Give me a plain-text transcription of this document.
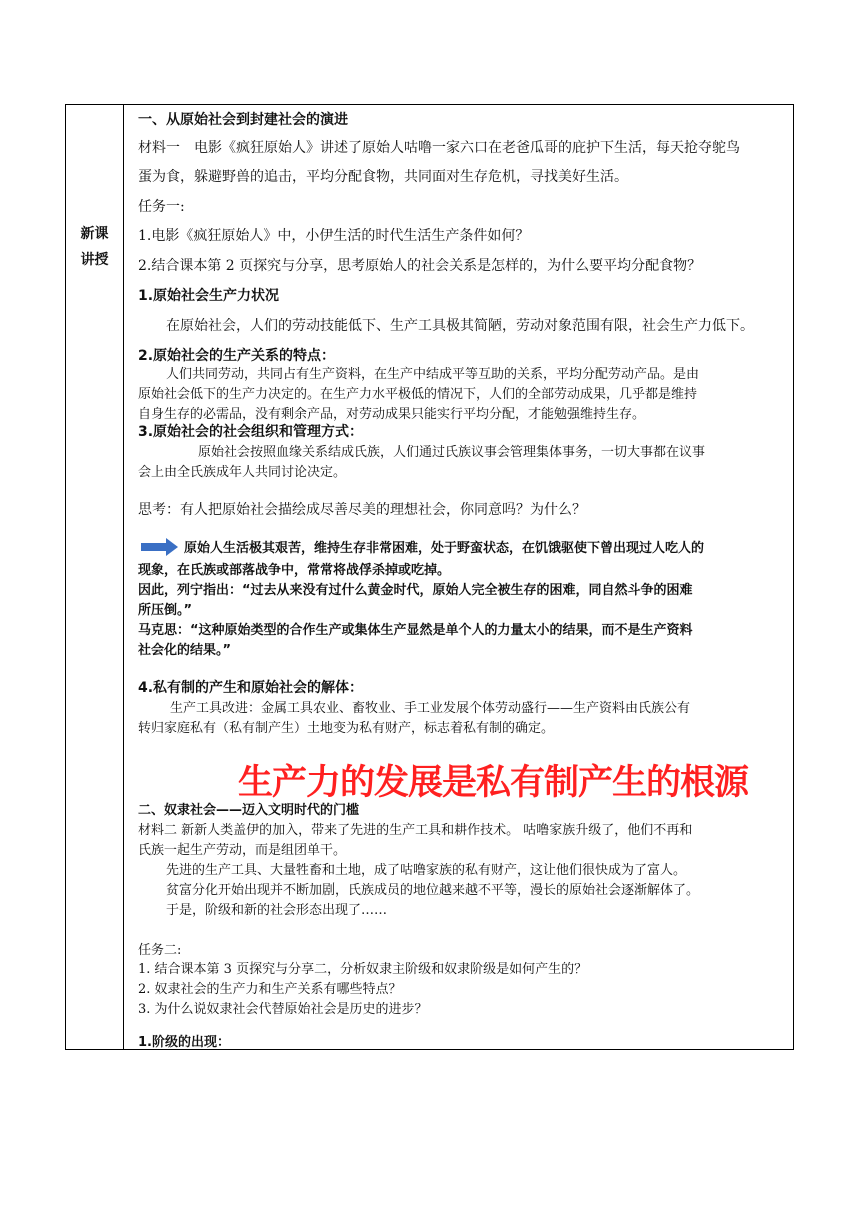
新课
讲授
一、从原始社会到封建社会的演进
材料一　电影《疯狂原始人》讲述了原始人咕噜一家六口在老爸瓜哥的庇护下生活，每天抢夺鸵鸟
蛋为食，躲避野兽的追击，平均分配食物，共同面对生存危机，寻找美好生活。
任务一:
1.电影《疯狂原始人》中，小伊生活的时代生活生产条件如何？
2.结合课本第 2 页探究与分享，思考原始人的社会关系是怎样的，为什么要平均分配食物？
1.原始社会生产力状况
在原始社会，人们的劳动技能低下、生产工具极其简陋，劳动对象范围有限，社会生产力低下。
2.原始社会的生产关系的特点：
人们共同劳动，共同占有生产资料，在生产中结成平等互助的关系，平均分配劳动产品。是由
原始社会低下的生产力决定的。在生产力水平极低的情况下，人们的全部劳动成果，几乎都是维持
自身生存的必需品，没有剩余产品，对劳动成果只能实行平均分配，才能勉强维持生存。
3.原始社会的社会组织和管理方式：
原始社会按照血缘关系结成氏族，人们通过氏族议事会管理集体事务，一切大事都在议事
会上由全氏族成年人共同讨论决定。
思考：有人把原始社会描绘成尽善尽美的理想社会，你同意吗？为什么？
原始人生活极其艰苦，维持生存非常困难，处于野蛮状态，在饥饿驱使下曾出现过人吃人的
现象，在氏族或部落战争中，常常将战俘杀掉或吃掉。
因此，列宁指出：“过去从来没有过什么黄金时代，原始人完全被生存的困难，同自然斗争的困难
所压倒。”
马克思：“这种原始类型的合作生产或集体生产显然是单个人的力量太小的结果，而不是生产资料
社会化的结果。”
4.私有制的产生和原始社会的解体：
生产工具改进：金属工具农业、畜牧业、手工业发展个体劳动盛行——生产资料由氏族公有
转归家庭私有（私有制产生）土地变为私有财产，标志着私有制的确定。
生产力的发展是私有制产生的根源
二、奴隶社会——迈入文明时代的门槛
材料二 新新人类盖伊的加入，带来了先进的生产工具和耕作技术。 咕噜家族升级了，他们不再和
氏族一起生产劳动，而是组团单干。
先进的生产工具、大量牲畜和土地，成了咕噜家族的私有财产，这让他们很快成为了富人。
贫富分化开始出现并不断加剧，氏族成员的地位越来越不平等，漫长的原始社会逐渐解体了。
于是，阶级和新的社会形态出现了……
任务二:
1. 结合课本第 3 页探究与分享二，分析奴隶主阶级和奴隶阶级是如何产生的？
2. 奴隶社会的生产力和生产关系有哪些特点？
3. 为什么说奴隶社会代替原始社会是历史的进步？
1.阶级的出现：
